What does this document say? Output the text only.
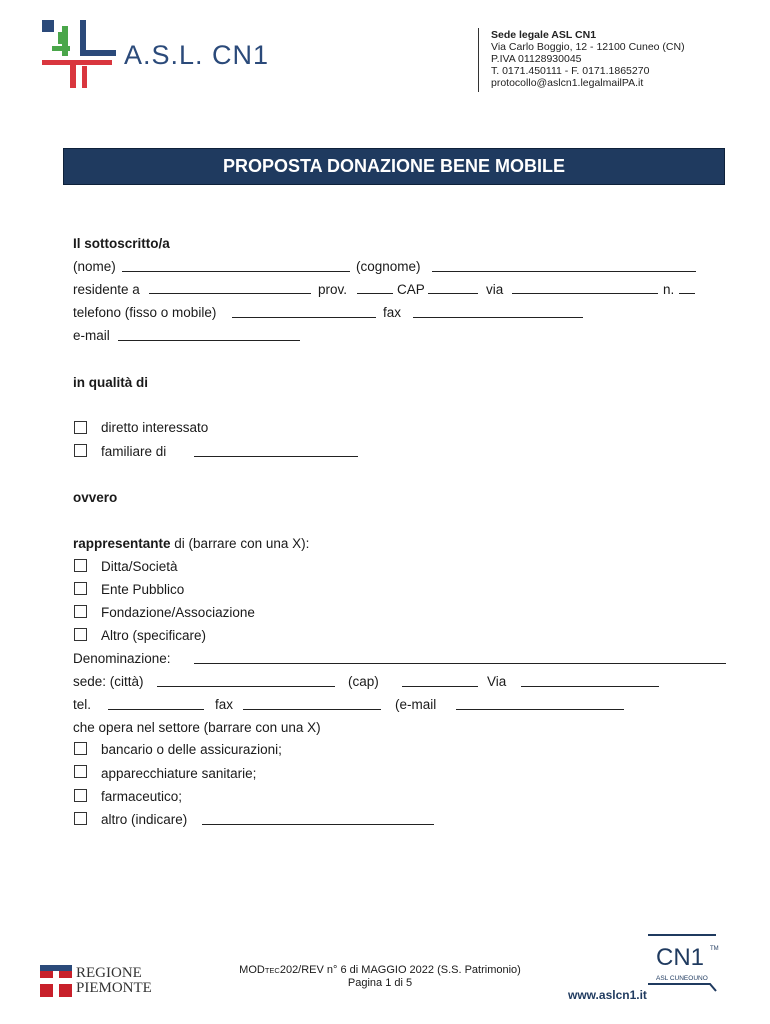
A.S.L. CN1
Sede legale ASL CN1
Via Carlo Boggio, 12 - 12100 Cuneo (CN)
P.IVA 01128930045
T. 0171.450111 - F. 0171.1865270
protocollo@aslcn1.legalmailPA.it
PROPOSTA DONAZIONE BENE MOBILE
Il sottoscritto/a
(nome)	(cognome)
residente a	prov.	CAP	via	n.
telefono (fisso o mobile)	fax
e-mail
in qualità di
diretto interessato
familiare di
ovvero
rappresentante di (barrare con una X):
Ditta/Società
Ente Pubblico
Fondazione/Associazione
Altro (specificare)
Denominazione:
sede: (città)	(cap)	Via
tel.	fax	(e-mail
che opera nel settore (barrare con una X)
bancario o delle assicurazioni;
apparecchiature sanitarie;
farmaceutico;
altro (indicare)
REGIONE
PIEMONTE
MODTEC202/REV n° 6 di MAGGIO 2022 (S.S. Patrimonio)
Pagina 1 di 5
CN1 TM
ASL CUNEOUNO
www.aslcn1.it
